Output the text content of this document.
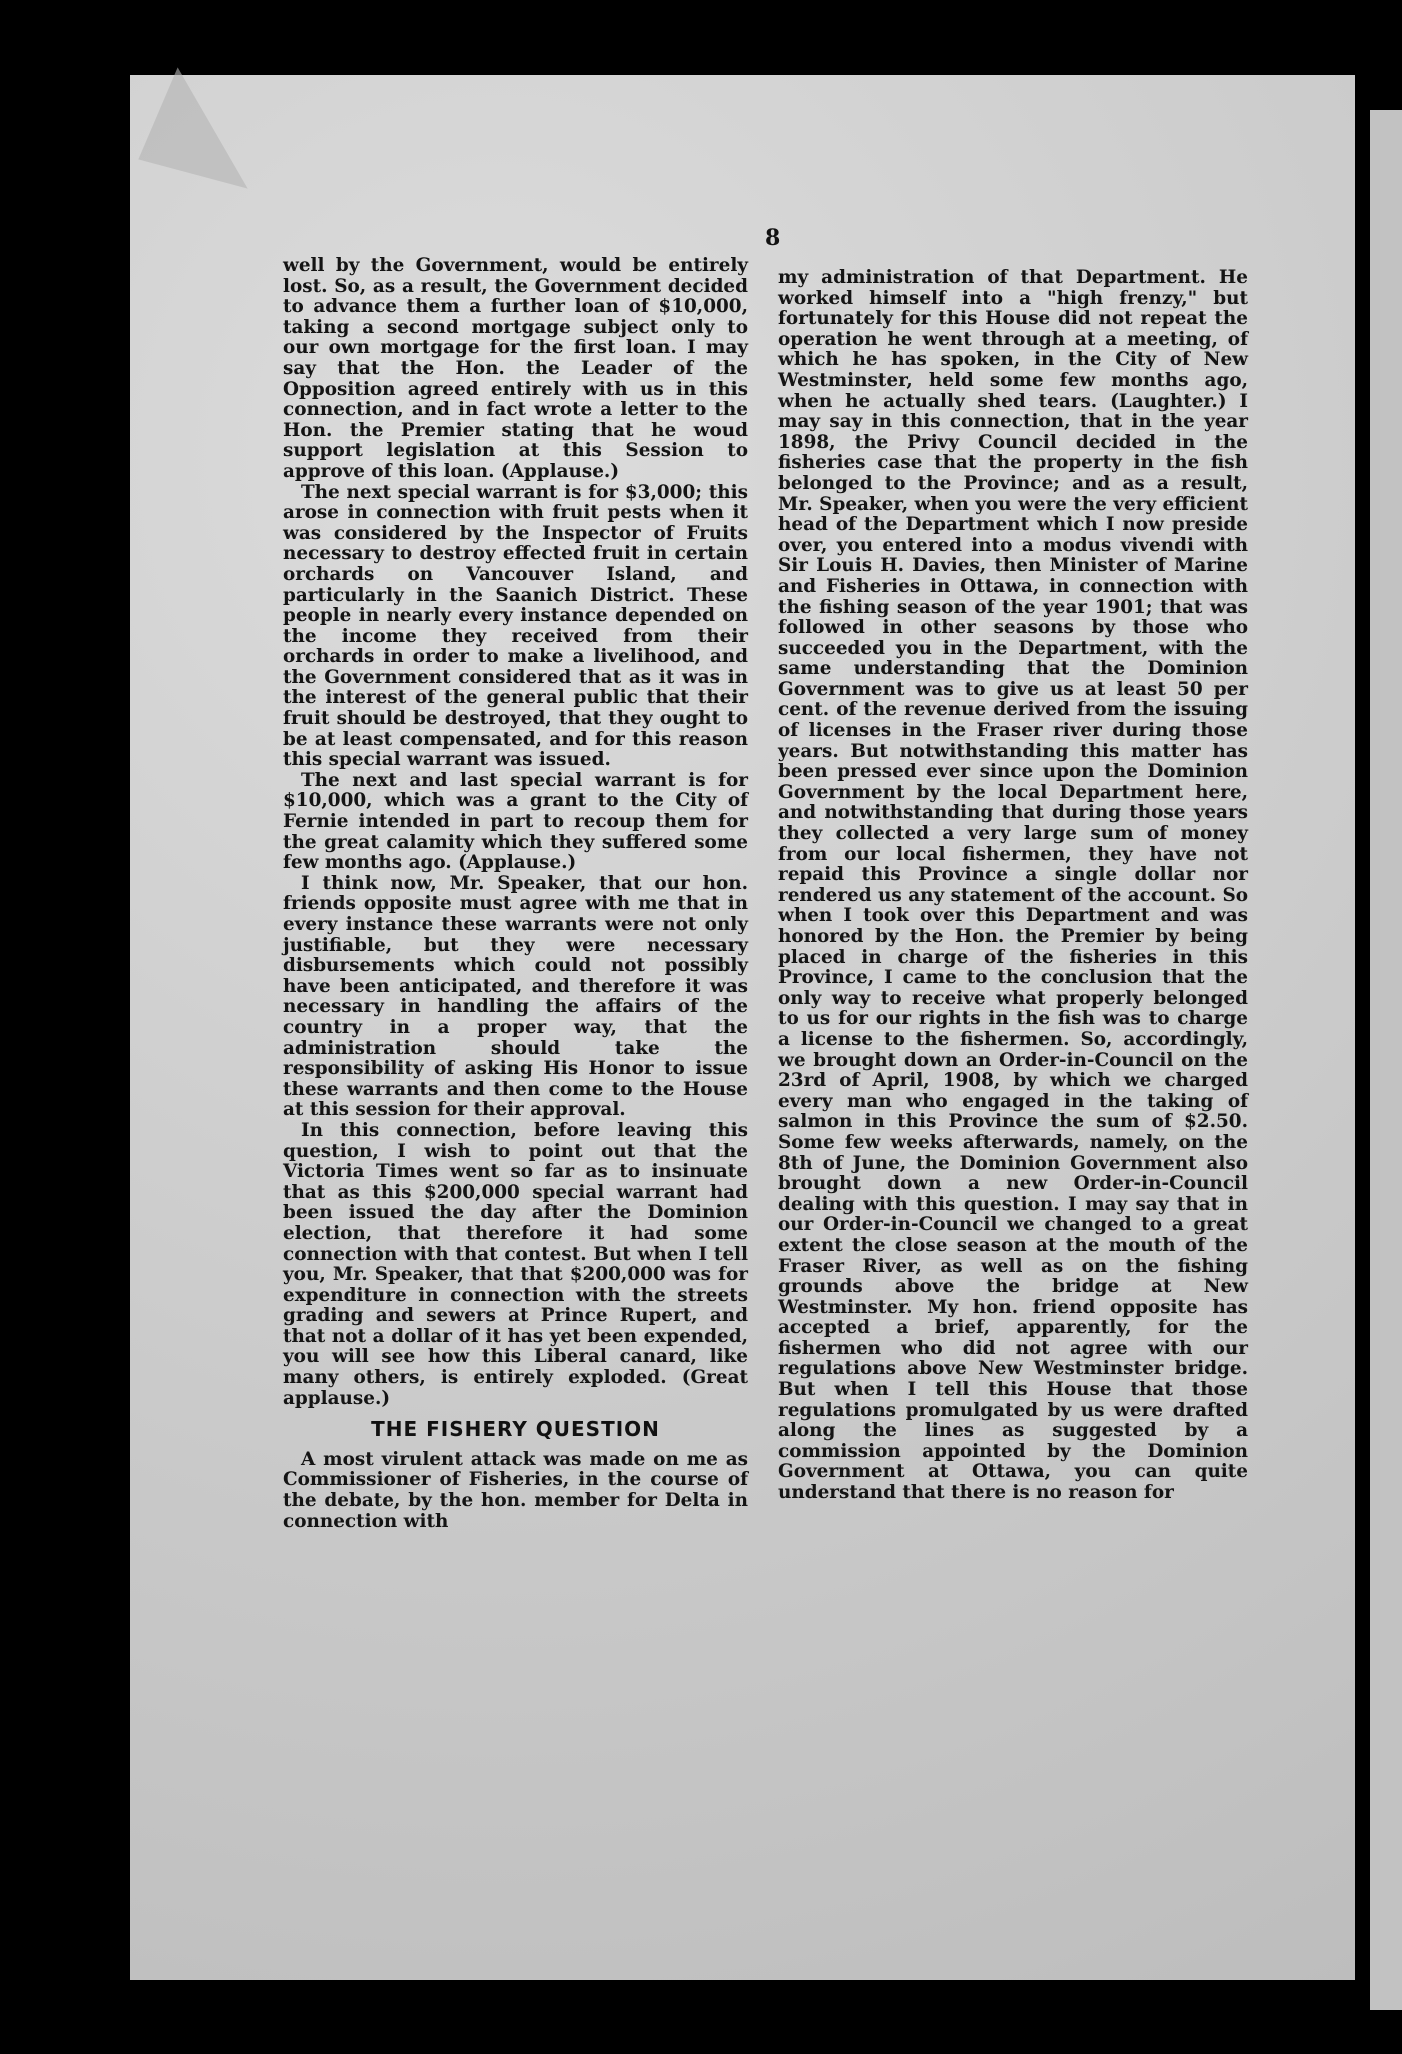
8

well by the Government, would be entirely lost. So, as a result, the Government decided to advance them a further loan of $10,000, taking a second mortgage subject only to our own mortgage for the first loan. I may say that the Hon. the Leader of the Opposition agreed entirely with us in this connection, and in fact wrote a letter to the Hon. the Premier stating that he woud support legislation at this Session to approve of this loan. (Applause.)

The next special warrant is for $3,000; this arose in connection with fruit pests when it was considered by the Inspector of Fruits necessary to destroy effected fruit in certain orchards on Vancouver Island, and particularly in the Saanich District. These people in nearly every instance depended on the income they received from their orchards in order to make a livelihood, and the Government considered that as it was in the interest of the general public that their fruit should be destroyed, that they ought to be at least compensated, and for this reason this special warrant was issued.

The next and last special warrant is for $10,000, which was a grant to the City of Fernie intended in part to recoup them for the great calamity which they suffered some few months ago. (Applause.)

I think now, Mr. Speaker, that our hon. friends opposite must agree with me that in every instance these warrants were not only justifiable, but they were necessary disbursements which could not possibly have been anticipated, and therefore it was necessary in handling the affairs of the country in a proper way, that the administration should take the responsibility of asking His Honor to issue these warrants and then come to the House at this session for their approval.

In this connection, before leaving this question, I wish to point out that the Victoria Times went so far as to insinuate that as this $200,000 special warrant had been issued the day after the Dominion election, that therefore it had some connection with that contest. But when I tell you, Mr. Speaker, that that $200,000 was for expenditure in connection with the streets grading and sewers at Prince Rupert, and that not a dollar of it has yet been expended, you will see how this Liberal canard, like many others, is entirely exploded. (Great applause.)

THE FISHERY QUESTION

A most virulent attack was made on me as Commissioner of Fisheries, in the course of the debate, by the hon. member for Delta in connection with

my administration of that Department. He worked himself into a "high frenzy," but fortunately for this House did not repeat the operation he went through at a meeting, of which he has spoken, in the City of New Westminster, held some few months ago, when he actually shed tears. (Laughter.) I may say in this connection, that in the year 1898, the Privy Council decided in the fisheries case that the property in the fish belonged to the Province; and as a result, Mr. Speaker, when you were the very efficient head of the Department which I now preside over, you entered into a modus vivendi with Sir Louis H. Davies, then Minister of Marine and Fisheries in Ottawa, in connection with the fishing season of the year 1901; that was followed in other seasons by those who succeeded you in the Department, with the same understanding that the Dominion Government was to give us at least 50 per cent. of the revenue derived from the issuing of licenses in the Fraser river during those years. But notwithstanding this matter has been pressed ever since upon the Dominion Government by the local Department here, and notwithstanding that during those years they collected a very large sum of money from our local fishermen, they have not repaid this Province a single dollar nor rendered us any statement of the account. So when I took over this Department and was honored by the Hon. the Premier by being placed in charge of the fisheries in this Province, I came to the conclusion that the only way to receive what properly belonged to us for our rights in the fish was to charge a license to the fishermen. So, accordingly, we brought down an Order-in-Council on the 23rd of April, 1908, by which we charged every man who engaged in the taking of salmon in this Province the sum of $2.50. Some few weeks afterwards, namely, on the 8th of June, the Dominion Government also brought down a new Order-in-Council dealing with this question. I may say that in our Order-in-Council we changed to a great extent the close season at the mouth of the Fraser River, as well as on the fishing grounds above the bridge at New Westminster. My hon. friend opposite has accepted a brief, apparently, for the fishermen who did not agree with our regulations above New Westminster bridge. But when I tell this House that those regulations promulgated by us were drafted along the lines as suggested by a commission appointed by the Dominion Government at Ottawa, you can quite understand that there is no reason for
